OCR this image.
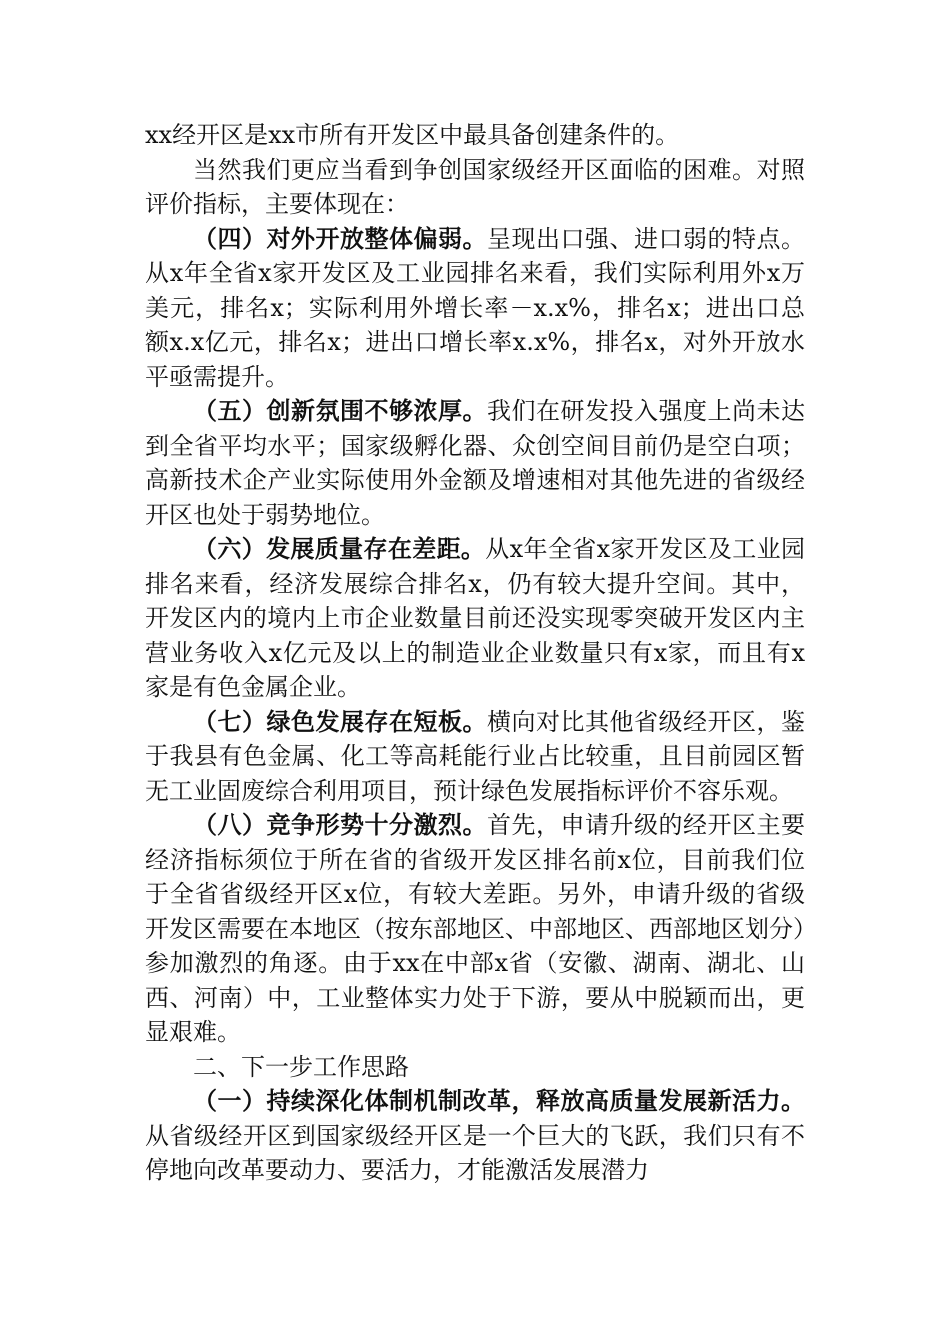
xx经开区是xx市所有开发区中最具备创建条件的。

当然我们更应当看到争创国家级经开区面临的困难。对照评价指标，主要体现在：

（四）对外开放整体偏弱。呈现出口强、进口弱的特点。从x年全省x家开发区及工业园排名来看，我们实际利用外x万美元，排名x；实际利用外增长率－x.x%，排名x；进出口总额x.x亿元，排名x；进出口增长率x.x%，排名x，对外开放水平亟需提升。

（五）创新氛围不够浓厚。我们在研发投入强度上尚未达到全省平均水平；国家级孵化器、众创空间目前仍是空白项；高新技术企产业实际使用外金额及增速相对其他先进的省级经开区也处于弱势地位。

（六）发展质量存在差距。从x年全省x家开发区及工业园排名来看，经济发展综合排名x，仍有较大提升空间。其中，开发区内的境内上市企业数量目前还没实现零突破开发区内主营业务收入x亿元及以上的制造业企业数量只有x家，而且有x家是有色金属企业。

（七）绿色发展存在短板。横向对比其他省级经开区，鉴于我县有色金属、化工等高耗能行业占比较重，且目前园区暂无工业固废综合利用项目，预计绿色发展指标评价不容乐观。

（八）竞争形势十分激烈。首先，申请升级的经开区主要经济指标须位于所在省的省级开发区排名前x位，目前我们位于全省省级经开区x位，有较大差距。另外，申请升级的省级开发区需要在本地区（按东部地区、中部地区、西部地区划分）参加激烈的角逐。由于xx在中部x省（安徽、湖南、湖北、山西、河南）中，工业整体实力处于下游，要从中脱颖而出，更显艰难。

二、下一步工作思路

（一）持续深化体制机制改革，释放高质量发展新活力。从省级经开区到国家级经开区是一个巨大的飞跃，我们只有不停地向改革要动力、要活力，才能激活发展潜力
